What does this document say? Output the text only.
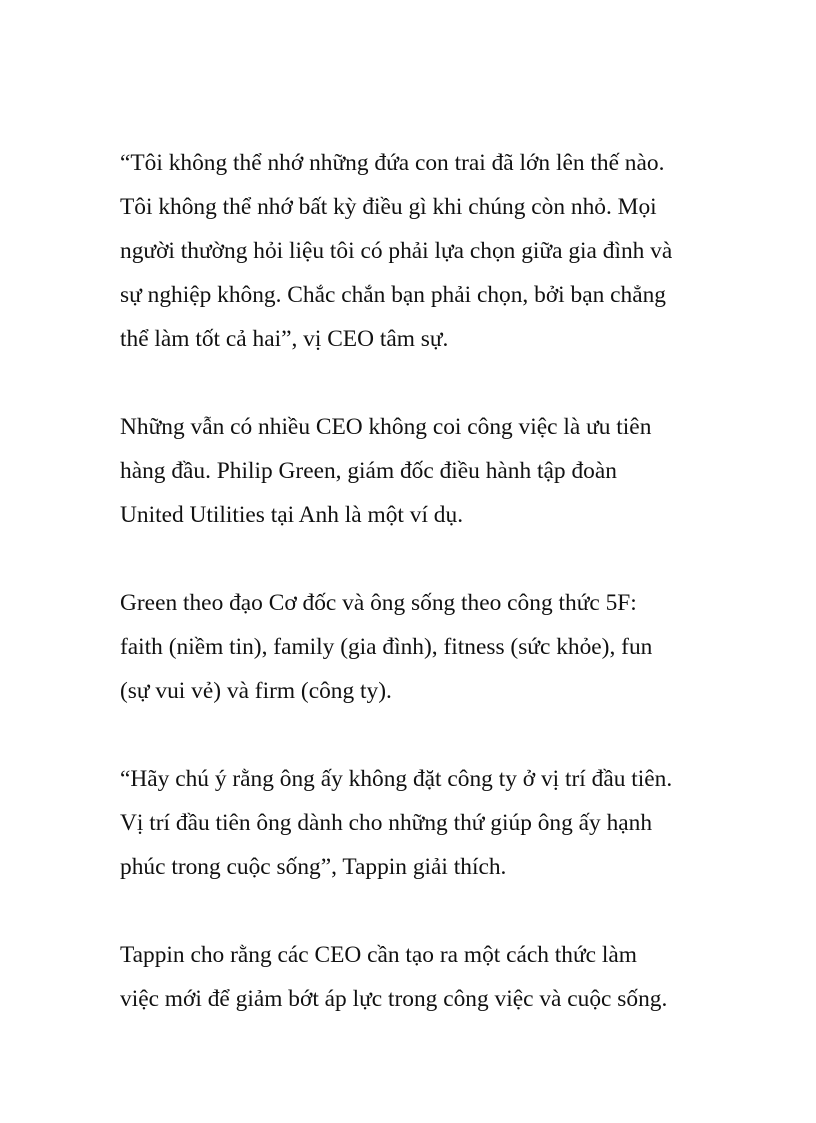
“Tôi không thể nhớ những đứa con trai đã lớn lên thế nào.
Tôi không thể nhớ bất kỳ điều gì khi chúng còn nhỏ. Mọi
người thường hỏi liệu tôi có phải lựa chọn giữa gia đình và
sự nghiệp không. Chắc chắn bạn phải chọn, bởi bạn chẳng
thể làm tốt cả hai”, vị CEO tâm sự.

Những vẫn có nhiều CEO không coi công việc là ưu tiên
hàng đầu. Philip Green, giám đốc điều hành tập đoàn
United Utilities tại Anh là một ví dụ.

Green theo đạo Cơ đốc và ông sống theo công thức 5F:
faith (niềm tin), family (gia đình), fitness (sức khỏe), fun
(sự vui vẻ) và firm (công ty).

“Hãy chú ý rằng ông ấy không đặt công ty ở vị trí đầu tiên.
Vị trí đầu tiên ông dành cho những thứ giúp ông ấy hạnh
phúc trong cuộc sống”, Tappin giải thích.

Tappin cho rằng các CEO cần tạo ra một cách thức làm
việc mới để giảm bớt áp lực trong công việc và cuộc sống.
